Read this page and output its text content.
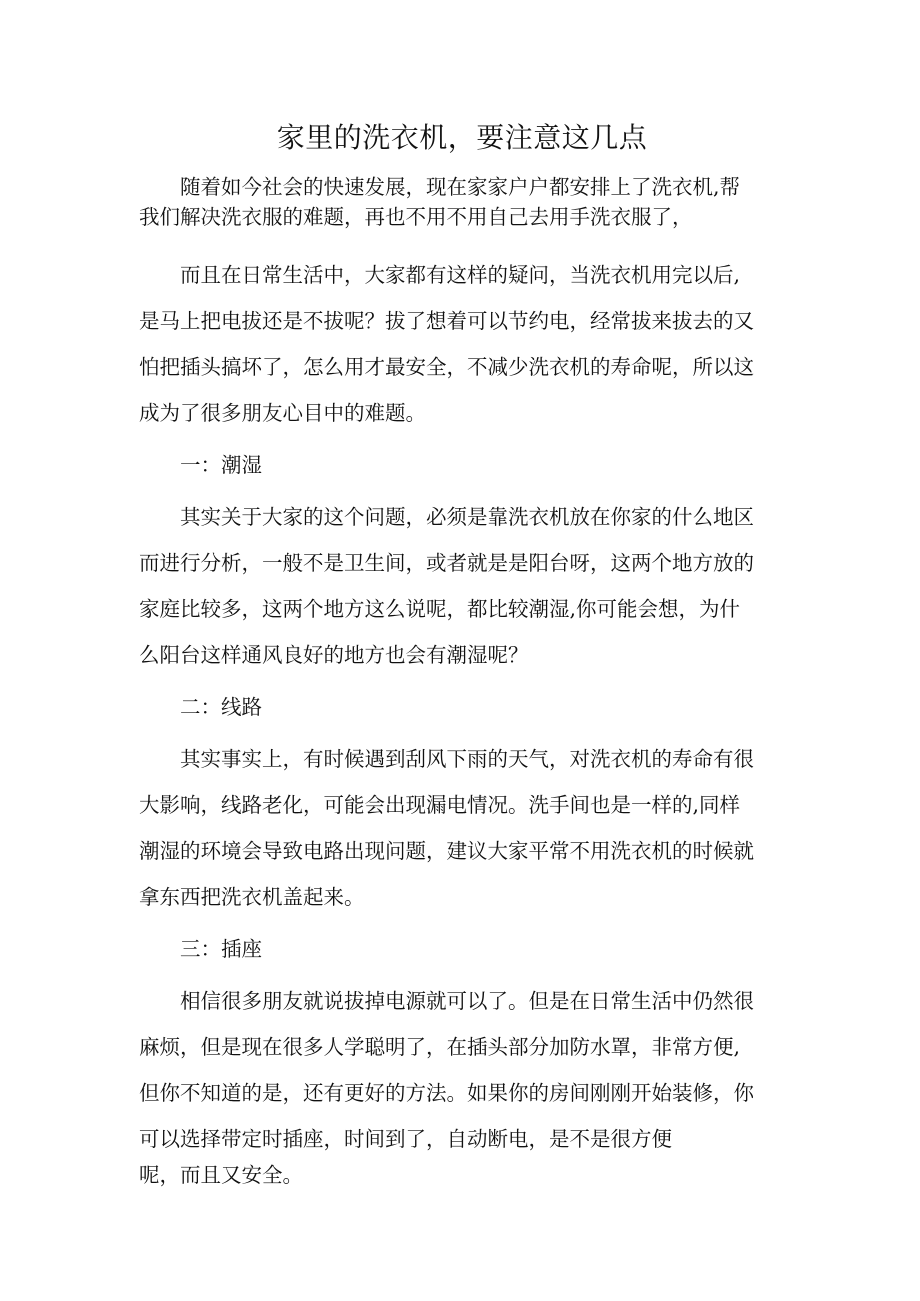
家里的洗衣机，要注意这几点

随着如今社会的快速发展，现在家家户户都安排上了洗衣机,帮
我们解决洗衣服的难题，再也不用不用自己去用手洗衣服了，

而且在日常生活中，大家都有这样的疑问，当洗衣机用完以后,
是马上把电拔还是不拔呢？拔了想着可以节约电，经常拔来拔去的又
怕把插头搞坏了，怎么用才最安全，不减少洗衣机的寿命呢，所以这
成为了很多朋友心目中的难题。

一：潮湿

其实关于大家的这个问题，必须是靠洗衣机放在你家的什么地区
而进行分析，一般不是卫生间，或者就是是阳台呀，这两个地方放的
家庭比较多，这两个地方这么说呢，都比较潮湿,你可能会想，为什
么阳台这样通风良好的地方也会有潮湿呢？

二：线路

其实事实上，有时候遇到刮风下雨的天气，对洗衣机的寿命有很
大影响，线路老化，可能会出现漏电情况。洗手间也是一样的,同样
潮湿的环境会导致电路出现问题，建议大家平常不用洗衣机的时候就
拿东西把洗衣机盖起来。

三：插座

相信很多朋友就说拔掉电源就可以了。但是在日常生活中仍然很
麻烦，但是现在很多人学聪明了，在插头部分加防水罩，非常方便,
但你不知道的是，还有更好的方法。如果你的房间刚刚开始装修，你
可以选择带定时插座，时间到了，自动断电，是不是很方便
呢，而且又安全。
